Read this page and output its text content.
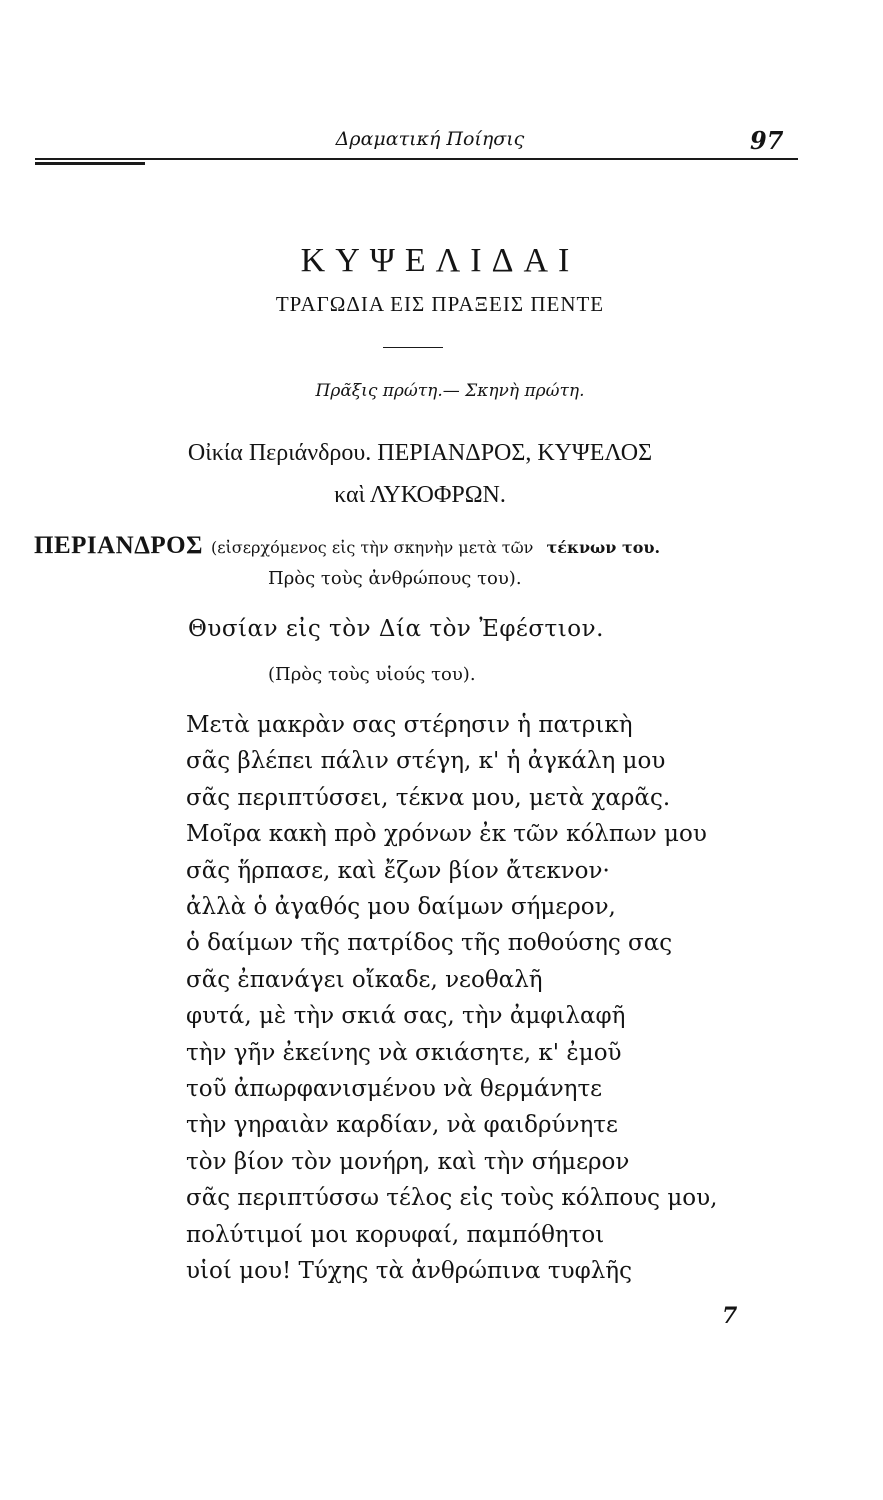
Δραματική Ποίησις	97
ΚΥΨΕΛΙΔΑΙ
ΤΡΑΓΩΔΙΑ ΕΙΣ ΠΡΑΞΕΙΣ ΠΕΝΤΕ
Πρᾶξις πρώτη.— Σκηνὴ πρώτη.
Οἰκία Περιάνδρου. ΠΕΡΙΑΝΔΡΟΣ, ΚΥΨΕΛΟΣ
καὶ ΛΥΚΟΦΡΩΝ.
ΠΕΡΙΑΝΔΡΟΣ (εἰσερχόμενος εἰς τὴν σκηνὴν μετὰ τῶν τέκνων του.
Πρὸς τοὺς ἀνθρώπους του).
Θυσίαν εἰς τὸν Δία τὸν Ἐφέστιον.
(Πρὸς τοὺς υἱούς του).
Μετὰ μακρὰν σας στέρησιν ἡ πατρικὴ
σᾶς βλέπει πάλιν στέγη, κ' ἡ ἀγκάλη μου
σᾶς περιπτύσσει, τέκνα μου, μετὰ χαρᾶς.
Μοῖρα κακὴ πρὸ χρόνων ἐκ τῶν κόλπων μου
σᾶς ἥρπασε, καὶ ἔζων βίον ἄτεκνον·
ἀλλὰ ὁ ἀγαθός μου δαίμων σήμερον,
ὁ δαίμων τῆς πατρίδος τῆς ποθούσης σας
σᾶς ἐπανάγει οἴκαδε, νεοθαλῆ
φυτά, μὲ τὴν σκιά σας, τὴν ἀμφιλαφῆ
τὴν γῆν ἐκείνης νὰ σκιάσητε, κ' ἐμοῦ
τοῦ ἀπωρφανισμένου νὰ θερμάνητε
τὴν γηραιὰν καρδίαν, νὰ φαιδρύνητε
τὸν βίον τὸν μονήρη, καὶ τὴν σήμερον
σᾶς περιπτύσσω τέλος εἰς τοὺς κόλπους μου,
πολύτιμοί μοι κορυφαί, παμπόθητοι
υἱοί μου! Τύχης τὰ ἀνθρώπινα τυφλῆς
7
